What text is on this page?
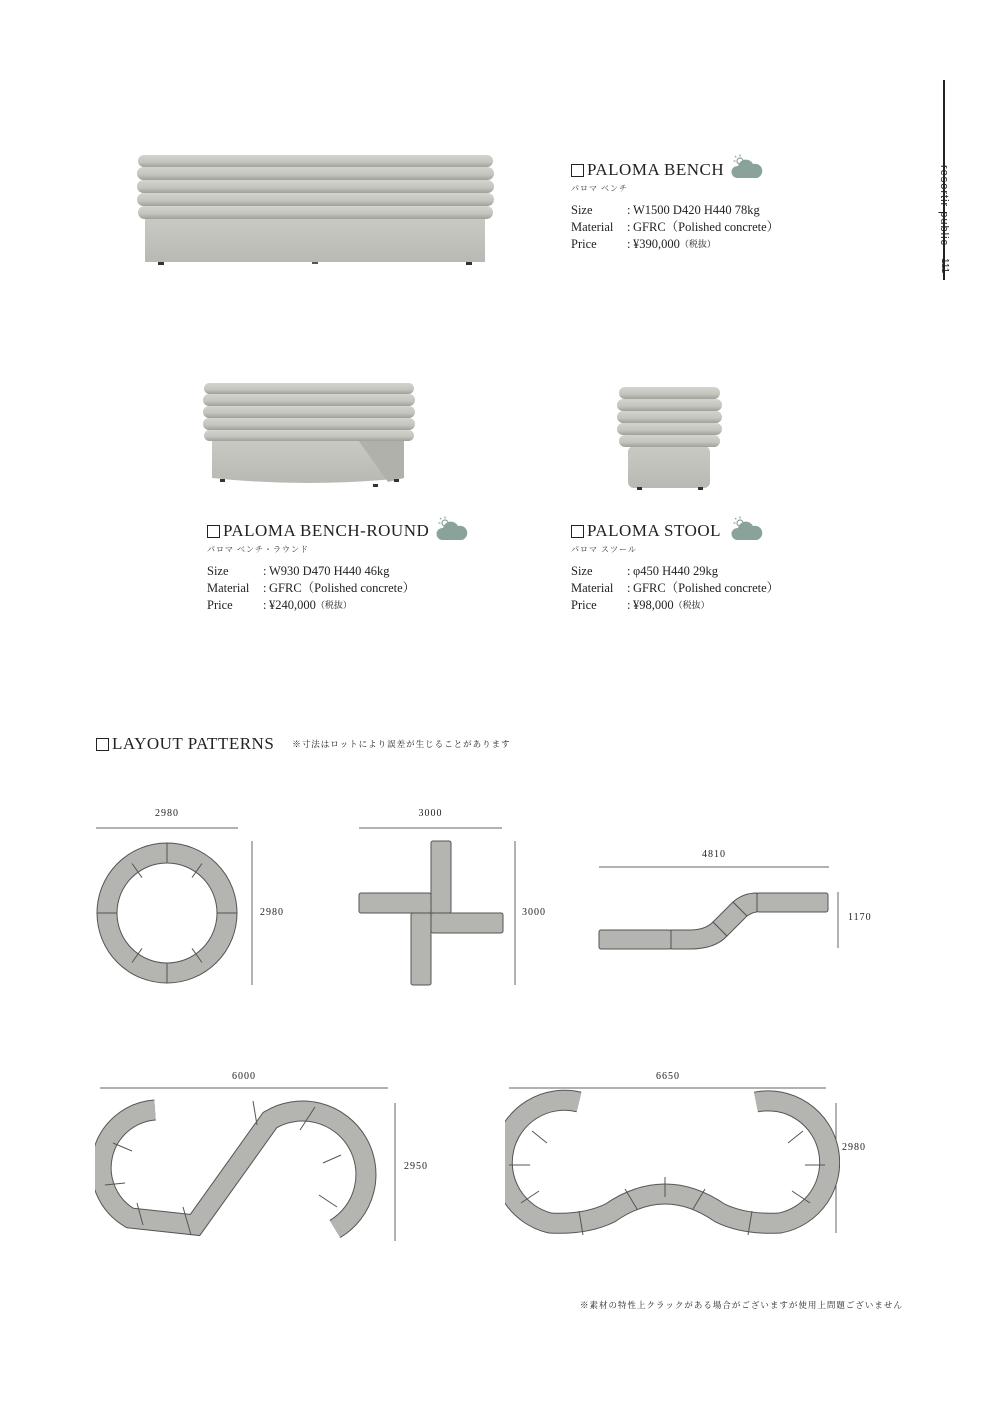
resortir public
111
PALOMA BENCH
パロマ ベンチ
Size	: W1500 D420 H440 78kg
Material	: GFRC（Polished concrete）
Price	: ¥390,000 （税抜）
PALOMA BENCH-ROUND
パロマ ベンチ・ラウンド
Size	: W930 D470 H440 46kg
Material	: GFRC（Polished concrete）
Price	: ¥240,000 （税抜）
PALOMA STOOL
パロマ スツール
Size	: φ450 H440 29kg
Material	: GFRC（Polished concrete）
Price	: ¥98,000 （税抜）
LAYOUT PATTERNS ※寸法はロットにより誤差が生じることがあります
2980
2980
3000
3000
4810
1170
6000
2950
6650
2980
※素材の特性上クラックがある場合がございますが使用上問題ございません
